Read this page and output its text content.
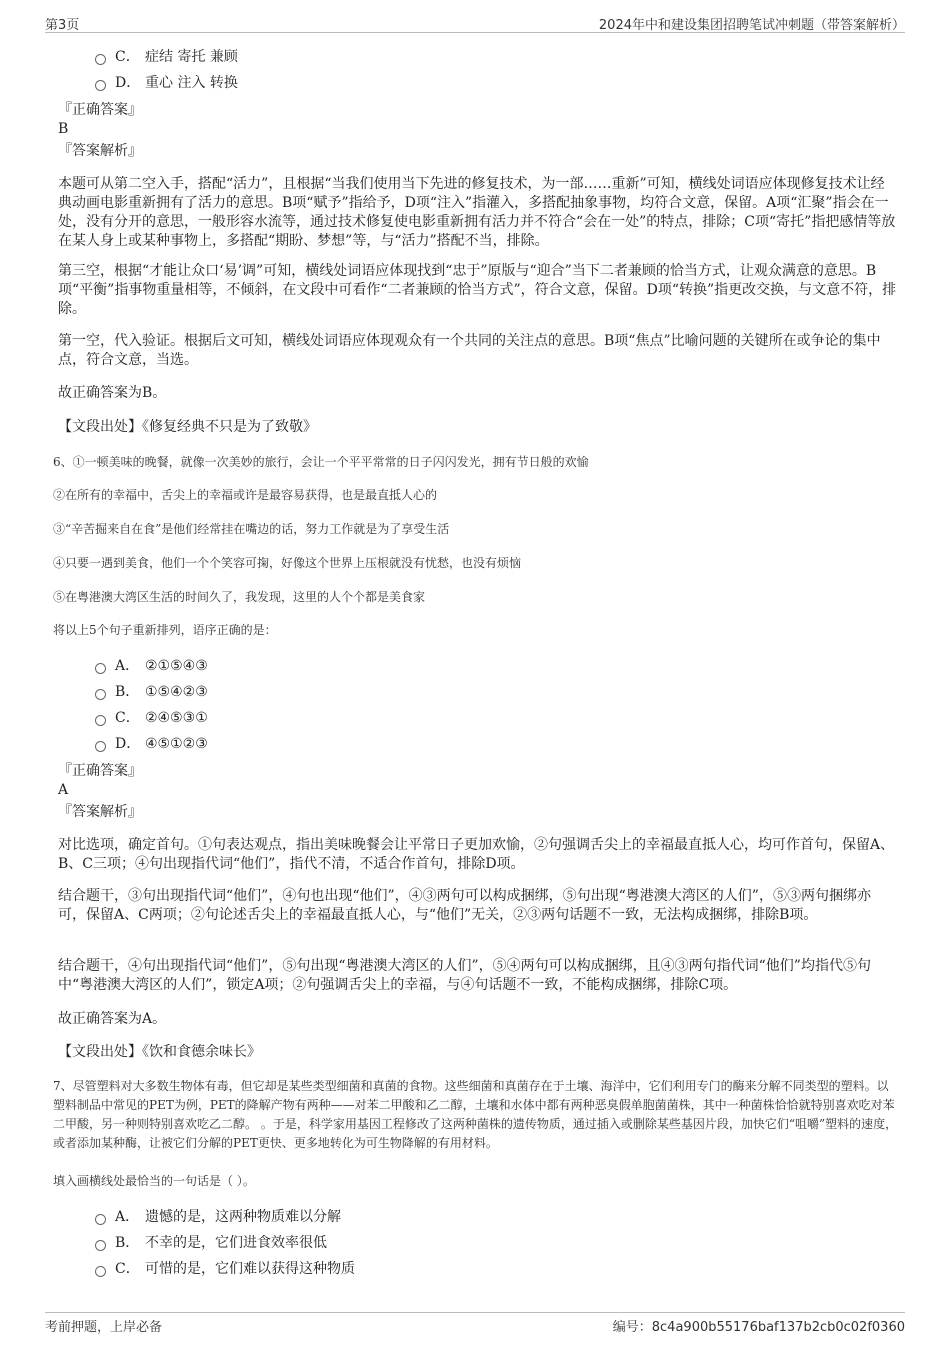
第3页	2024年中和建设集团招聘笔试冲刺题（带答案解析）
C． 症结 寄托 兼顾
D． 重心 注入 转换
『正确答案』
B
『答案解析』
本题可从第二空入手，搭配“活力”，且根据“当我们使用当下先进的修复技术，为一部……重新”可知，横线处词语应体现修复技术让经典动画电影重新拥有了活力的意思。B项“赋予”指给予，D项“注入”指灌入，多搭配抽象事物，均符合文意，保留。A项“汇聚”指会在一处，没有分开的意思，一般形容水流等，通过技术修复使电影重新拥有活力并不符合“会在一处”的特点，排除；C项“寄托”指把感情等放在某人身上或某种事物上，多搭配“期盼、梦想”等，与“活力”搭配不当，排除。
第三空，根据“才能让众口‘易’调”可知，横线处词语应体现找到“忠于”原版与“迎合”当下二者兼顾的恰当方式，让观众满意的意思。B项“平衡”指事物重量相等，不倾斜，在文段中可看作“二者兼顾的恰当方式”，符合文意，保留。D项“转换”指更改交换，与文意不符，排除。
第一空，代入验证。根据后文可知，横线处词语应体现观众有一个共同的关注点的意思。B项“焦点”比喻问题的关键所在或争论的集中点，符合文意，当选。
故正确答案为B。
【文段出处】《修复经典不只是为了致敬》
6、①一顿美味的晚餐，就像一次美妙的旅行，会让一个平平常常的日子闪闪发光，拥有节日般的欢愉
②在所有的幸福中，舌尖上的幸福或许是最容易获得，也是最直抵人心的
③“辛苦掘来自在食”是他们经常挂在嘴边的话，努力工作就是为了享受生活
④只要一遇到美食，他们一个个笑容可掬，好像这个世界上压根就没有忧愁，也没有烦恼
⑤在粤港澳大湾区生活的时间久了，我发现，这里的人个个都是美食家
将以上5个句子重新排列，语序正确的是：
A． ②①⑤④③
B． ①⑤④②③
C． ②④⑤③①
D． ④⑤①②③
『正确答案』
A
『答案解析』
对比选项，确定首句。①句表达观点，指出美味晚餐会让平常日子更加欢愉，②句强调舌尖上的幸福最直抵人心，均可作首句，保留A、B、C三项；④句出现指代词“他们”，指代不清，不适合作首句，排除D项。
结合题干，③句出现指代词“他们”，④句也出现“他们”，④③两句可以构成捆绑，⑤句出现“粤港澳大湾区的人们”，⑤③两句捆绑亦可，保留A、C两项；②句论述舌尖上的幸福最直抵人心，与“他们”无关，②③两句话题不一致，无法构成捆绑，排除B项。
结合题干，④句出现指代词“他们”，⑤句出现“粤港澳大湾区的人们”，⑤④两句可以构成捆绑，且④③两句指代词“他们”均指代⑤句中“粤港澳大湾区的人们”，锁定A项；②句强调舌尖上的幸福，与④句话题不一致，不能构成捆绑，排除C项。
故正确答案为A。
【文段出处】《饮和食德余味长》
7、尽管塑料对大多数生物体有毒，但它却是某些类型细菌和真菌的食物。这些细菌和真菌存在于土壤、海洋中，它们利用专门的酶来分解不同类型的塑料。以塑料制品中常见的PET为例，PET的降解产物有两种——对苯二甲酸和乙二醇，土壤和水体中都有两种恶臭假单胞菌菌株，其中一种菌株恰恰就特别喜欢吃对苯二甲酸，另一种则特别喜欢吃乙二醇。 。于是，科学家用基因工程修改了这两种菌株的遗传物质，通过插入或删除某些基因片段，加快它们“咀嚼”塑料的速度，或者添加某种酶，让被它们分解的PET更快、更多地转化为可生物降解的有用材料。
填入画横线处最恰当的一句话是（ ）。
A． 遗憾的是，这两种物质难以分解
B． 不幸的是，它们进食效率很低
C． 可惜的是，它们难以获得这种物质
考前押题，上岸必备	编号：8c4a900b55176baf137b2cb0c02f0360
